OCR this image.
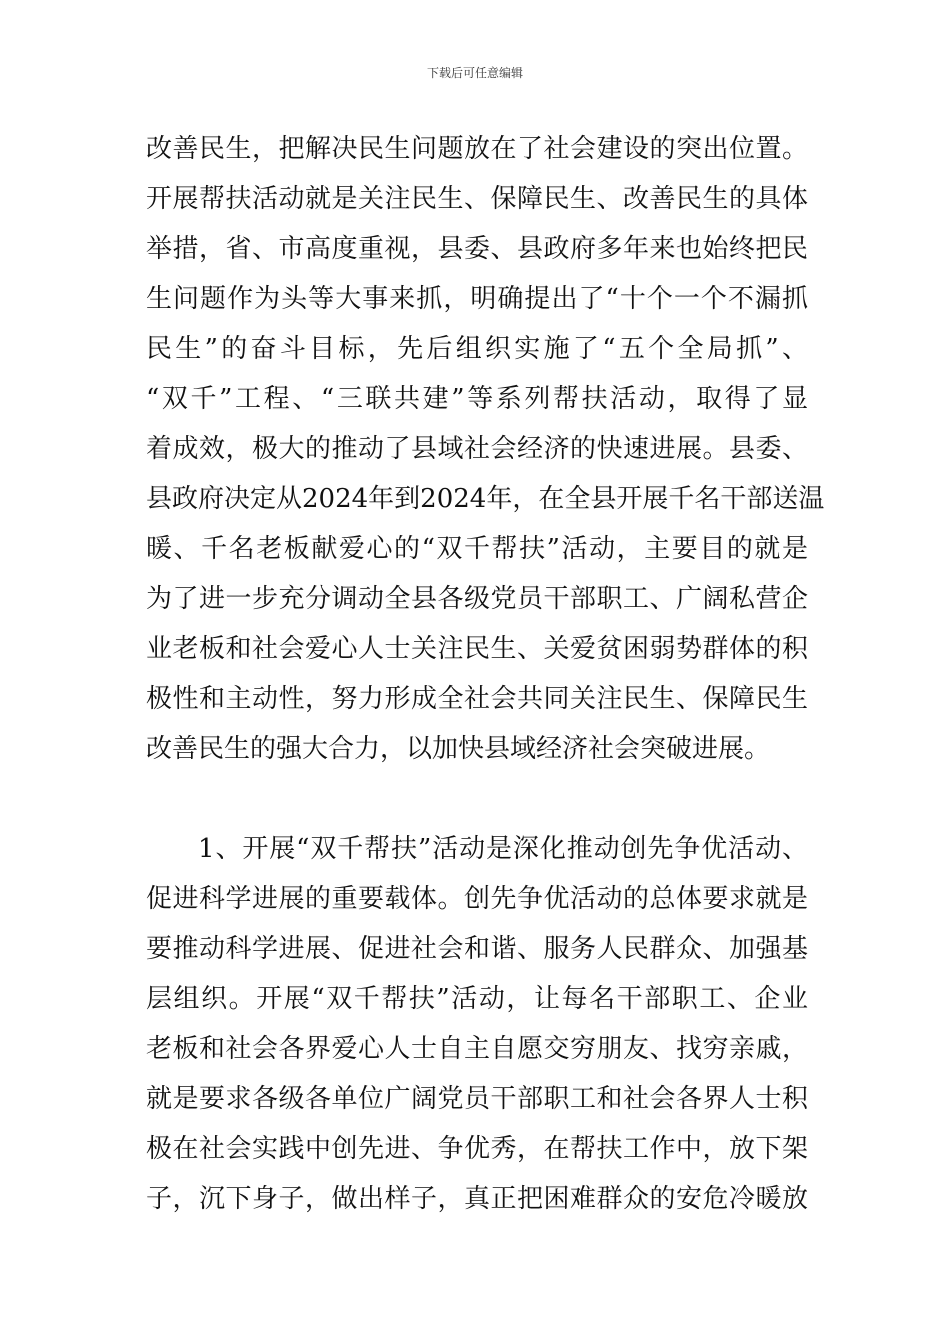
下载后可任意编辑
改善民生，把解决民生问题放在了社会建设的突出位置。
开展帮扶活动就是关注民生、保障民生、改善民生的具体
举措，省、市高度重视，县委、县政府多年来也始终把民
生问题作为头等大事来抓，明确提出了“十个一个不漏抓
民生”的奋斗目标，先后组织实施了“五个全局抓”、
“双千”工程、“三联共建”等系列帮扶活动，取得了显
着成效，极大的推动了县域社会经济的快速进展。县委、
县政府决定从2024年到2024年，在全县开展千名干部送温
暖、千名老板献爱心的“双千帮扶”活动，主要目的就是
为了进一步充分调动全县各级党员干部职工、广阔私营企
业老板和社会爱心人士关注民生、关爱贫困弱势群体的积
极性和主动性，努力形成全社会共同关注民生、保障民生
改善民生的强大合力，以加快县域经济社会突破进展。
1、开展“双千帮扶”活动是深化推动创先争优活动、
促进科学进展的重要载体。创先争优活动的总体要求就是
要推动科学进展、促进社会和谐、服务人民群众、加强基
层组织。开展“双千帮扶”活动，让每名干部职工、企业
老板和社会各界爱心人士自主自愿交穷朋友、找穷亲戚，
就是要求各级各单位广阔党员干部职工和社会各界人士积
极在社会实践中创先进、争优秀，在帮扶工作中，放下架
子，沉下身子，做出样子，真正把困难群众的安危冷暖放
